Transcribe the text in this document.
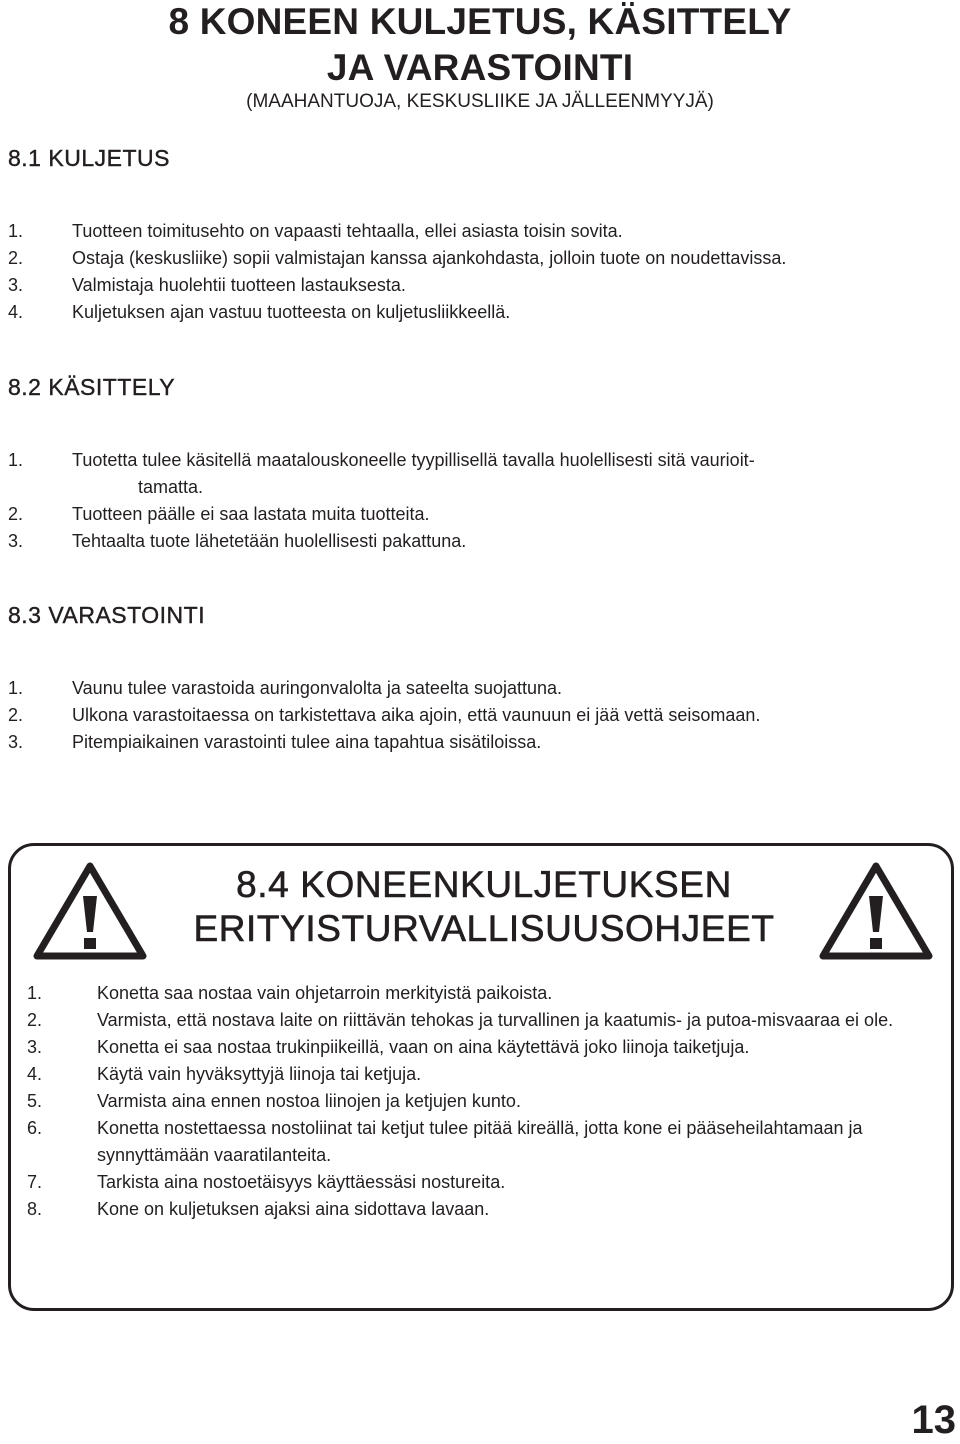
8 KONEEN KULJETUS, KÄSITTELY
JA VARASTOINTI
(MAAHANTUOJA, KESKUSLIIKE JA JÄLLEENMYYJÄ)
8.1 KULJETUS
1.	Tuotteen toimitusehto on vapaasti tehtaalla, ellei asiasta toisin sovita.
2.	Ostaja (keskusliike) sopii valmistajan kanssa ajankohdasta, jolloin tuote on noudettavissa.
3.	Valmistaja huolehtii tuotteen lastauksesta.
4.	Kuljetuksen ajan vastuu tuotteesta on kuljetusliikkeellä.
8.2 KÄSITTELY
1.	Tuotetta tulee käsitellä maatalouskoneelle tyypillisellä tavalla huolellisesti sitä vaurioit-
tamatta.
2.	Tuotteen päälle ei saa lastata muita tuotteita.
3.	Tehtaalta tuote lähetetään huolellisesti pakattuna.
8.3 VARASTOINTI
1.	Vaunu tulee varastoida auringonvalolta ja sateelta suojattuna.
2.	Ulkona varastoitaessa on tarkistettava aika ajoin, että vaunuun ei jää vettä seisomaan.
3.	Pitempiaikainen varastointi tulee aina tapahtua sisätiloissa.
8.4 KONEENKULJETUKSEN
ERITYISTURVALLISUUSOHJEET
1.	Konetta saa nostaa vain ohjetarroin merkityistä paikoista.
2.	Varmista, että nostava laite on riittävän tehokas ja turvallinen ja kaatumis- ja putoa-misvaaraa ei ole.
3.	Konetta ei saa nostaa trukinpiikeillä, vaan on aina käytettävä joko liinoja taiketjuja.
4.	Käytä vain hyväksyttyjä liinoja tai ketjuja.
5.	Varmista aina ennen nostoa liinojen ja ketjujen kunto.
6.	Konetta nostettaessa nostoliinat tai ketjut tulee pitää kireällä, jotta kone ei pääseheilahtamaan ja synnyttämään vaaratilanteita.
7.	Tarkista aina nostoetäisyys käyttäessäsi nostureita.
8.	Kone on kuljetuksen ajaksi aina sidottava lavaan.
13
